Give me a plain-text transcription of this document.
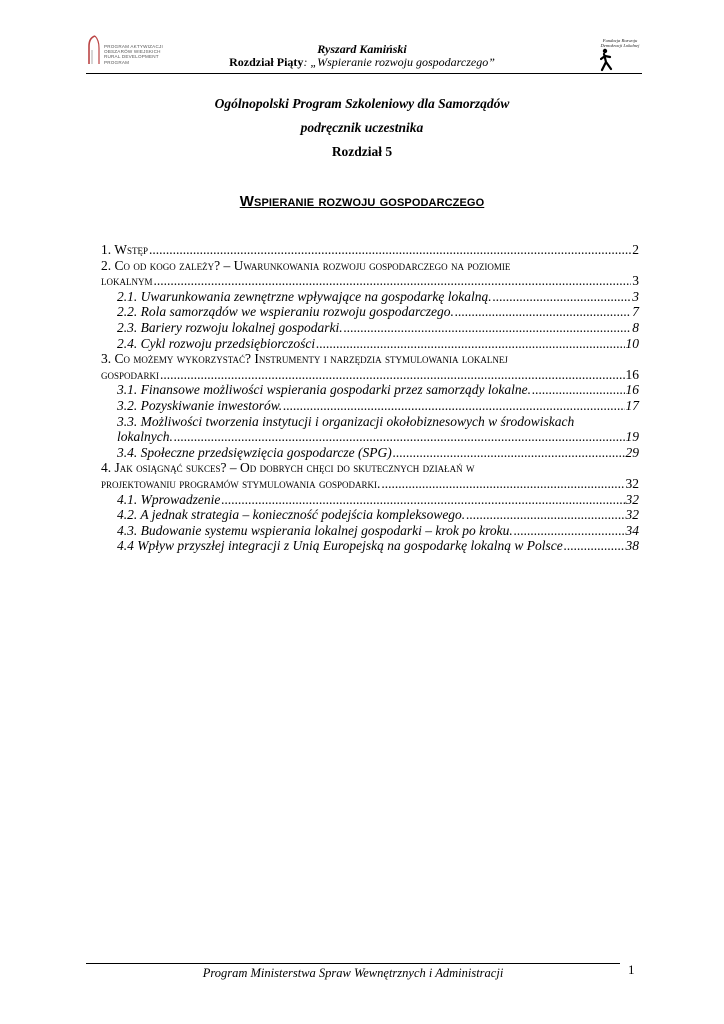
PROGRAM AKTYWIZACJI
OBSZARÓW WIEJSKICH
RURAL DEVELOPMENT PROGRAM
Fundacja Rozwoju
Demokracji Lokalnej
Ryszard Kamiński
Rozdział Piąty: „Wspieranie rozwoju gospodarczego”
Ogólnopolski Program Szkoleniowy dla Samorządów
podręcznik uczestnika
Rozdział 5
Wspieranie rozwoju gospodarczego
1. Wstęp .....	2
2. Co od kogo zależy? – Uwarunkowania rozwoju gospodarczego na poziomie
lokalnym .....	3
2.1. Uwarunkowania zewnętrzne wpływające na gospodarkę lokalną. .....	3
2.2. Rola samorządów we wspieraniu rozwoju gospodarczego. .....	7
2.3. Bariery rozwoju lokalnej gospodarki. .....	8
2.4. Cykl rozwoju przedsiębiorczości .....	10
3. Co możemy wykorzystać? Instrumenty i narzędzia stymulowania lokalnej
gospodarki .....	16
3.1. Finansowe możliwości wspierania gospodarki przez samorządy lokalne. .....	16
3.2. Pozyskiwanie inwestorów. .....	17
3.3. Możliwości tworzenia instytucji i organizacji okołobiznesowych w środowiskach
lokalnych. .....	19
3.4. Społeczne przedsięwzięcia gospodarcze (SPG) .....	29
4. Jak osiągnąć sukces? – Od dobrych chęci do skutecznych działań w
projektowaniu programów stymulowania gospodarki. .....	32
4.1. Wprowadzenie .....	32
4.2. A jednak strategia – konieczność podejścia kompleksowego. .....	32
4.3. Budowanie systemu wspierania lokalnej gospodarki – krok po kroku. .....	34
4.4 Wpływ przyszłej integracji z Unią Europejską na gospodarkę lokalną w Polsce .....	38
Program Ministerstwa Spraw Wewnętrznych i Administracji	1
